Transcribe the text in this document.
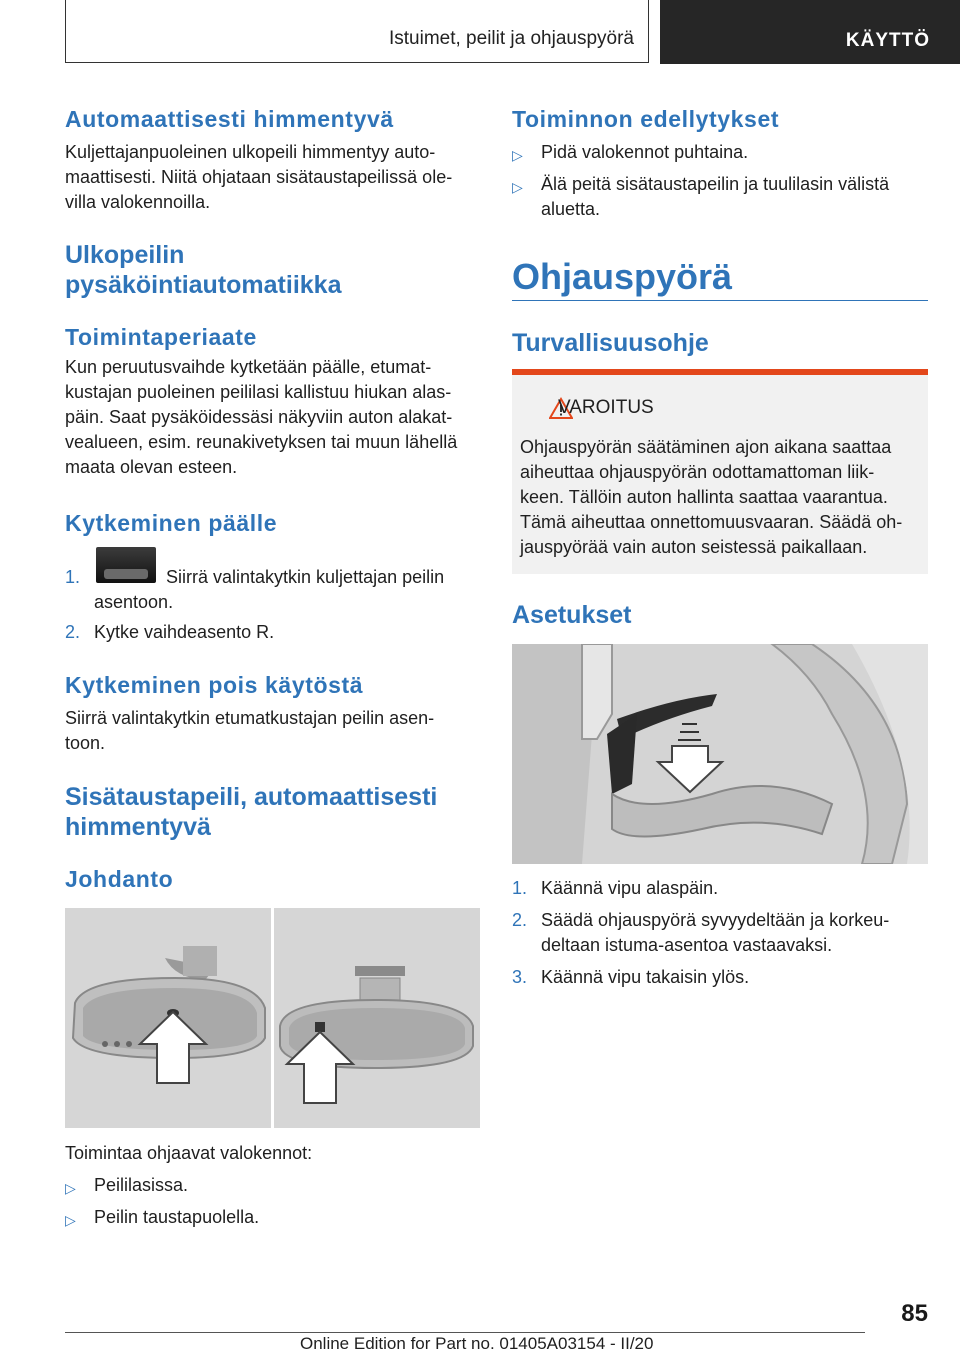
Istuimet, peilit ja ohjauspyörä	KÄYTTÖ
Automaattisesti himmentyvä

Kuljettajanpuoleinen ulkopeili himmentyy auto-

maattisesti. Niitä ohjataan sisätaustapeilissä ole-

villa valokennoilla.

Ulkopeilin
pysäköintiautomatiikka
Toimintaperiaate

Kun peruutusvaihde kytketään päälle, etumat-

kustajan puoleinen peililasi kallistuu hiukan alas-

päin. Saat pysäköidessäsi näkyviin auton alakat-

vealueen, esim. reunakivetyksen tai muun lähellä

maata olevan esteen.

Kytkeminen päälle
1.	Siirrä valintakytkin kuljettajan peilin
asentoon.
2. Kytke vaihdeasento R.
Kytkeminen pois käytöstä

Siirrä valintakytkin etumatkustajan peilin asen-

toon.

Sisätaustapeili, automaattisesti
himmentyvä
Johdanto

Toimintaa ohjaavat valokennot:

▷ Peililasissa.
▷ Peilin taustapuolella.
Toiminnon edellytykset
▷ Pidä valokennot puhtaina.
▷ Älä peitä sisätaustapeilin ja tuulilasin välistä
aluetta.
Ohjauspyörä
Turvallisuusohje
VAROITUS

Ohjauspyörän säätäminen ajon aikana saattaa

aiheuttaa ohjauspyörän odottamattoman liik-

keen. Tällöin auton hallinta saattaa vaarantua.

Tämä aiheuttaa onnettomuusvaaran. Säädä oh-

jauspyörää vain auton seistessä paikallaan.

Asetukset
1. Käännä vipu alaspäin.
2. Säädä ohjauspyörä syvyydeltään ja korkeu-
deltaan istuma-asentoa vastaavaksi.
3. Käännä vipu takaisin ylös.
85
Online Edition for Part no. 01405A03154 - II/20
